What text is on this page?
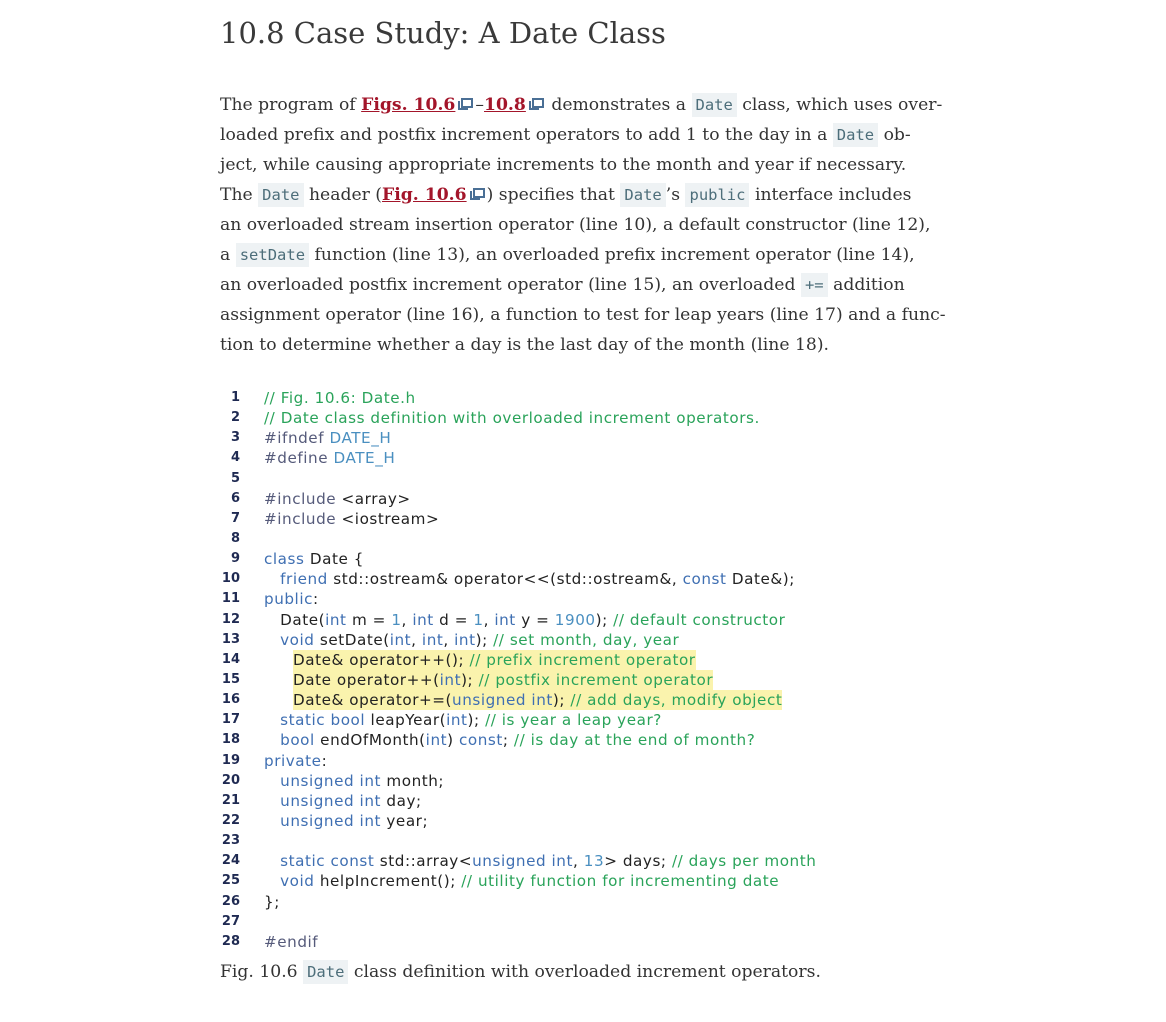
10.8 Case Study: A Date Class
The program of Figs. 10.6 –10.8
demonstrates a Date class, which uses over-
loaded prefix and postfix increment operators to add 1 to the day in a Date ob-
ject, while causing appropriate increments to the month and year if necessary.
The Date header (Fig. 10.6 ) specifies that Date ’s public interface includes
an overloaded stream insertion operator (line 10), a default constructor (line 12),
a setDate function (line 13), an overloaded prefix increment operator (line 14),
an overloaded postfix increment operator (line 15), an overloaded += addition
assignment operator (line 16), a function to test for leap years (line 17) and a func-
tion to determine whether a day is the last day of the month (line 18).
1 // Fig. 10.6: Date.h
2 // Date class definition with overloaded increment operators.
3 #ifndef DATE_H
4 #define DATE_H
5
6 #include <array>
7 #include <iostream>
8
9 class Date {
10	friend std::ostream& operator<<(std::ostream&, const Date&);
11 public:
12 Date(int m = 1, int d = 1, int y = 1900); // default constructor
13	void setDate(int, int, int); // set month, day, year
14	Date& operator++(); // prefix increment operator
15	Date operator++(int); // postfix increment operator
16	Date& operator+=(unsigned int); // add days, modify object
17	static bool leapYear(int); // is year a leap year?
18	bool endOfMonth(int) const; // is day at the end of month?
19 private:
20	unsigned int month;
21	unsigned int day;
22	unsigned int year;
23
24	static const std::array<unsigned int, 13> days; // days per month
25	void helpIncrement(); // utility function for incrementing date
26 };
27
28 #endif

Fig. 10.6 Date class definition with overloaded increment operators.
